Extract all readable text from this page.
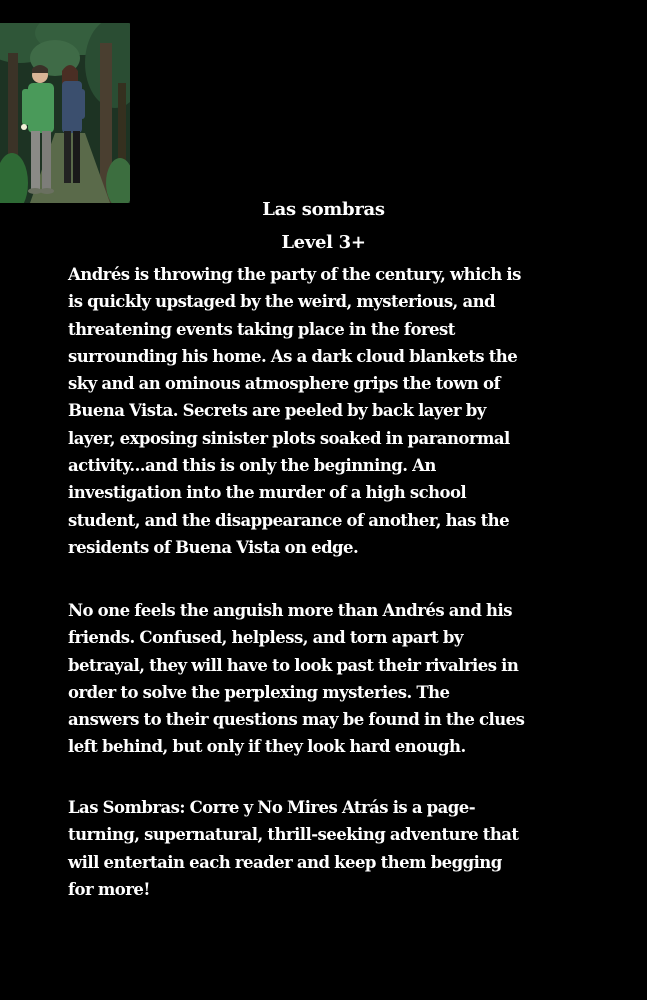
Las sombras
Level 3+
Andrés is throwing the party of the century, which is
is quickly upstaged by the weird, mysterious, and
threatening events taking place in the forest
surrounding his home. As a dark cloud blankets the
sky and an ominous atmosphere grips the town of
Buena Vista. Secrets are peeled by back layer by
layer, exposing sinister plots soaked in paranormal
activity...and this is only the beginning. An
investigation into the murder of a high school
student, and the disappearance of another, has the
residents of Buena Vista on edge.
No one feels the anguish more than Andrés and his
friends. Confused, helpless, and torn apart by
betrayal, they will have to look past their rivalries in
order to solve the perplexing mysteries. The
answers to their questions may be found in the clues
left behind, but only if they look hard enough.
Las Sombras: Corre y No Mires Atrás is a page-
turning, supernatural, thrill-seeking adventure that
will entertain each reader and keep them begging
for more!
